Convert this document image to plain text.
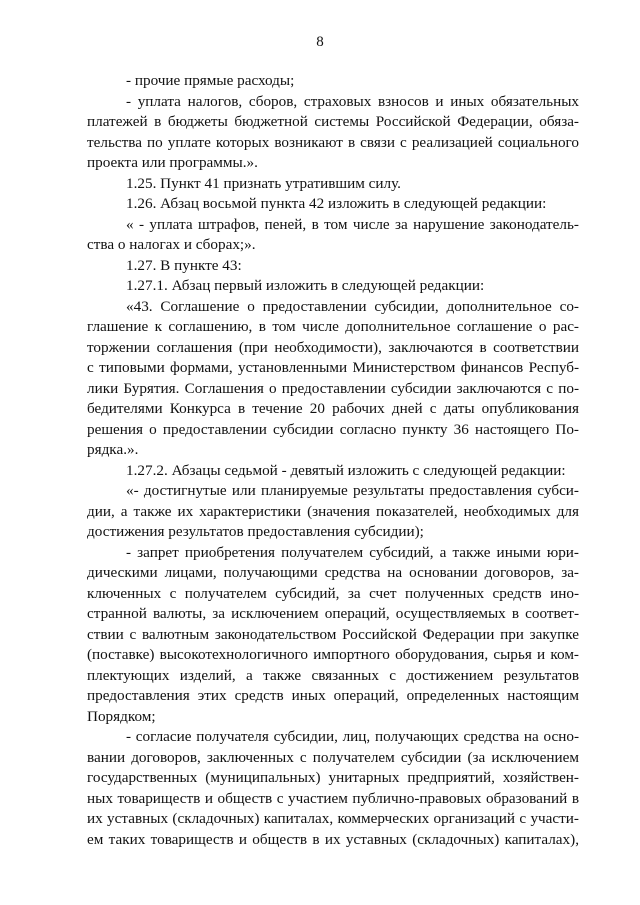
8
- прочие прямые расходы;
- уплата налогов, сборов, страховых взносов и иных обязательных
платежей в бюджеты бюджетной системы Российской Федерации, обяза-
тельства по уплате которых возникают в связи с реализацией социального
проекта или программы.».
1.25. Пункт 41 признать утратившим силу.
1.26. Абзац восьмой пункта 42 изложить в следующей редакции:
« - уплата штрафов, пеней, в том числе за нарушение законодатель-
ства о налогах и сборах;».
1.27. В пункте 43:
1.27.1. Абзац первый изложить в следующей редакции:
«43. Соглашение о предоставлении субсидии, дополнительное со-
глашение к соглашению, в том числе дополнительное соглашение о рас-
торжении соглашения (при необходимости), заключаются в соответствии
с типовыми формами, установленными Министерством финансов Респуб-
лики Бурятия. Соглашения о предоставлении субсидии заключаются с по-
бедителями Конкурса в течение 20 рабочих дней с даты опубликования
решения о предоставлении субсидии согласно пункту 36 настоящего По-
рядка.».
1.27.2. Абзацы седьмой - девятый изложить с следующей редакции:
«- достигнутые или планируемые результаты предоставления субси-
дии, а также их характеристики (значения показателей, необходимых для
достижения результатов предоставления субсидии);
- запрет приобретения получателем субсидий, а также иными юри-
дическими лицами, получающими средства на основании договоров, за-
ключенных с получателем субсидий, за счет полученных средств ино-
странной валюты, за исключением операций, осуществляемых в соответ-
ствии с валютным законодательством Российской Федерации при закупке
(поставке) высокотехнологичного импортного оборудования, сырья и ком-
плектующих изделий, а также связанных с достижением результатов
предоставления этих средств иных операций, определенных настоящим
Порядком;
- согласие получателя субсидии, лиц, получающих средства на осно-
вании договоров, заключенных с получателем субсидии (за исключением
государственных (муниципальных) унитарных предприятий, хозяйствен-
ных товариществ и обществ с участием публично-правовых образований в
их уставных (складочных) капиталах, коммерческих организаций с участи-
ем таких товариществ и обществ в их уставных (складочных) капиталах),
